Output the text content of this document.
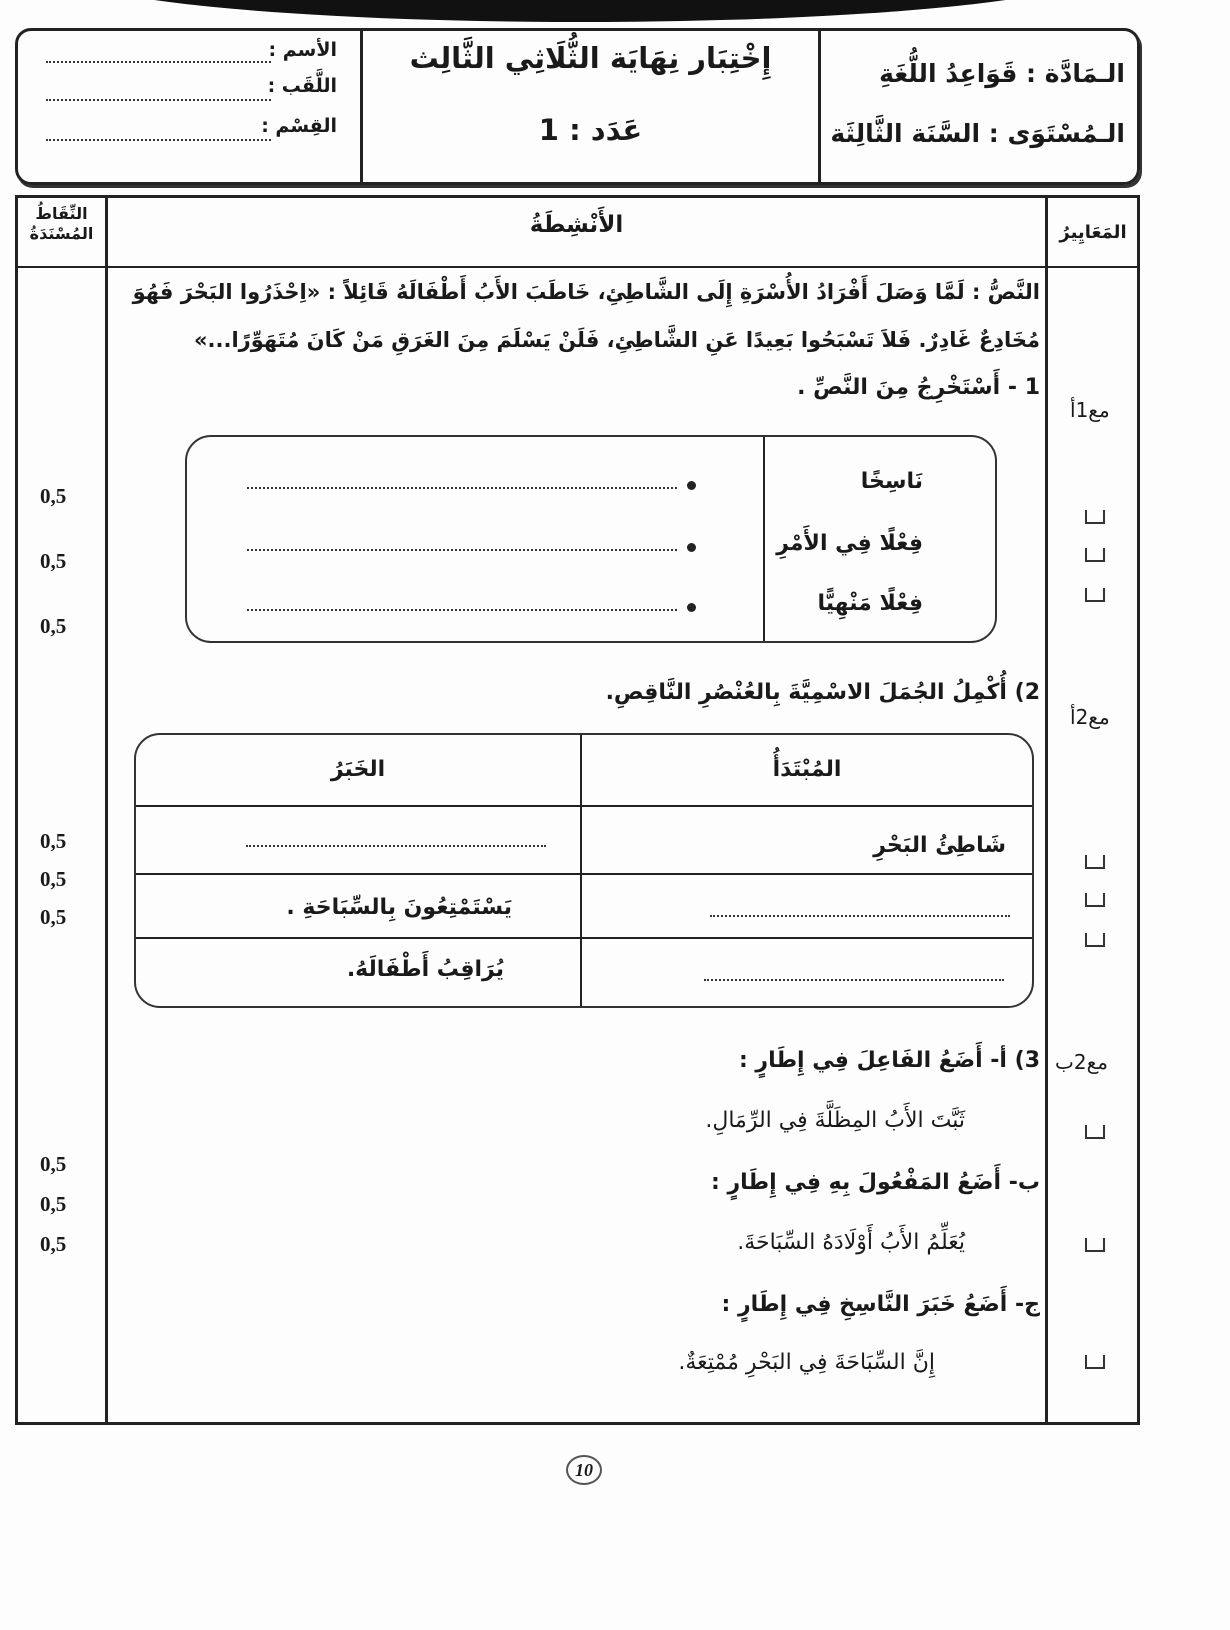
الـمَادَّة : قَوَاعِدُ اللُّغَةِ
الـمُسْتَوَى : السَّنَة الثَّالِثَة
إِخْتِبَار نِهَايَة الثُّلَاثِي الثَّالِث
عَدَد : 1
الأسم :
اللَّقَب :
القِسْم :
النِّقَاطُ المُسْنَدَةُ	الأَنْشِطَةُ	المَعَايِيرُ
النَّصُّ : لَمَّا وَصَلَ أَفْرَادُ الأُسْرَةِ إِلَى الشَّاطِئِ، خَاطَبَ الأَبُ أَطْفَالَهُ قَائِلاً : «اِحْذَرُوا البَحْرَ فَهُوَ
مُخَادِعٌ غَادِرٌ. فَلاَ تَسْبَحُوا بَعِيدًا عَنِ الشَّاطِئِ، فَلَنْ يَسْلَمَ مِنَ الغَرَقِ مَنْ كَانَ مُتَهَوِّرًا...»
مع1أ
1 - أَسْتَخْرِجُ مِنَ النَّصِّ .
نَاسِخًا
فِعْلًا فِي الأَمْرِ
فِعْلًا مَنْهِيًّا
0,5
0,5
0,5
مع2أ
2) أُكْمِلُ الجُمَلَ الاسْمِيَّةَ بِالعُنْصُرِ النَّاقِصِ.
المُبْتَدَأُ
الخَبَرُ
شَاطِئُ البَحْرِ
يَسْتَمْتِعُونَ بِالسِّبَاحَةِ .
يُرَاقِبُ أَطْفَالَهُ.
0,5
0,5
0,5
مع2ب
3) أ- أَضَعُ الفَاعِلَ فِي إِطَارٍ :
ثَبَّتَ الأَبُ المِظَلَّةَ فِي الرِّمَالِ.
ب- أَضَعُ المَفْعُولَ بِهِ فِي إِطَارٍ :
يُعَلِّمُ الأَبُ أَوْلَادَهُ السِّبَاحَةَ.
ج- أَضَعُ خَبَرَ النَّاسِخِ فِي إِطَارٍ :
إِنَّ السِّبَاحَةَ فِي البَحْرِ مُمْتِعَةٌ.
0,5
0,5
0,5
10
